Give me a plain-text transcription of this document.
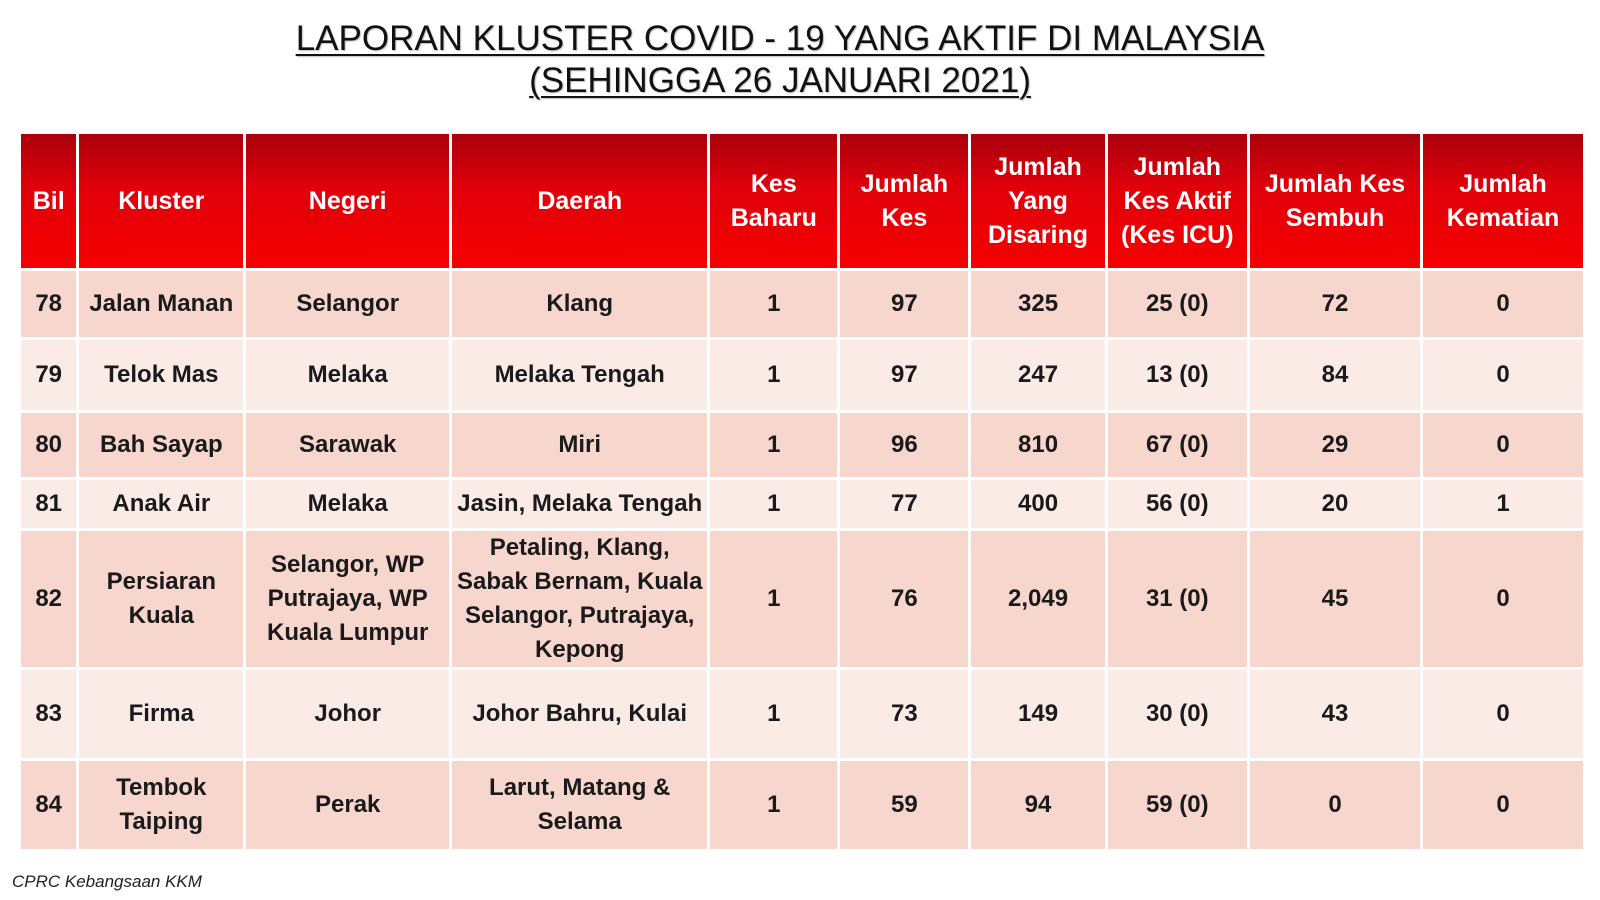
LAPORAN KLUSTER COVID - 19 YANG AKTIF DI MALAYSIA
(SEHINGGA 26 JANUARI 2021)
Bil	Kluster	Negeri	Daerah	Kes Baharu	Jumlah Kes	Jumlah Yang Disaring	Jumlah Kes Aktif (Kes ICU)	Jumlah Kes Sembuh	Jumlah Kematian
78	Jalan Manan	Selangor	Klang	1	97	325	25 (0)	72	0
79	Telok Mas	Melaka	Melaka Tengah	1	97	247	13 (0)	84	0
80	Bah Sayap	Sarawak	Miri	1	96	810	67 (0)	29	0
81	Anak Air	Melaka	Jasin, Melaka Tengah	1	77	400	56 (0)	20	1
82	Persiaran Kuala	Selangor, WP Putrajaya, WP Kuala Lumpur	Petaling, Klang, Sabak Bernam, Kuala Selangor, Putrajaya, Kepong	1	76	2,049	31 (0)	45	0
83	Firma	Johor	Johor Bahru, Kulai	1	73	149	30 (0)	43	0
84	Tembok Taiping	Perak	Larut, Matang & Selama	1	59	94	59 (0)	0	0
CPRC Kebangsaan KKM
